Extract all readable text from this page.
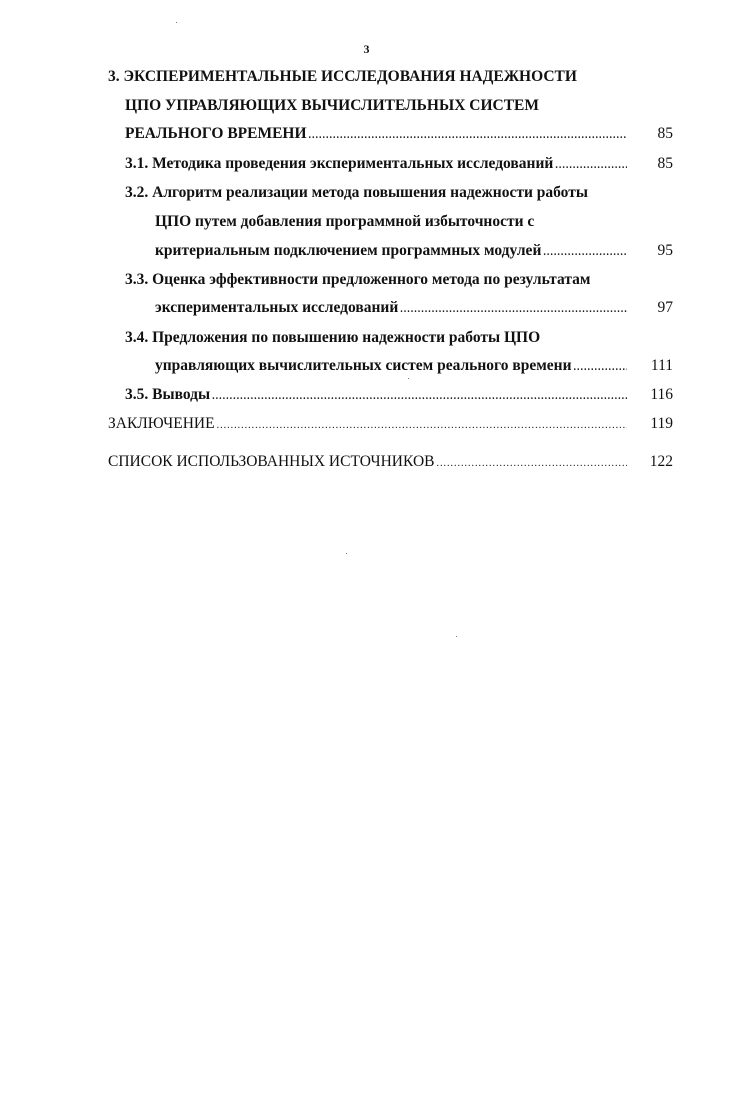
3
3. ЭКСПЕРИМЕНТАЛЬНЫЕ ИССЛЕДОВАНИЯ НАДЕЖНОСТИ
ЦПО УПРАВЛЯЮЩИХ ВЫЧИСЛИТЕЛЬНЫХ СИСТЕМ
РЕАЛЬНОГО ВРЕМЕНИ .....	85
3.1. Методика проведения экспериментальных исследований .....	85
3.2. Алгоритм реализации метода повышения надежности работы
ЦПО путем добавления программной избыточности с
критериальным подключением программных модулей .....	95
3.3. Оценка эффективности предложенного метода по результатам
экспериментальных исследований .....	97
3.4. Предложения по повышению надежности работы ЦПО
управляющих вычислительных систем реального времени .....	111
3.5. Выводы .....	116
ЗАКЛЮЧЕНИЕ .....	119
СПИСОК ИСПОЛЬЗОВАННЫХ ИСТОЧНИКОВ .....	122
